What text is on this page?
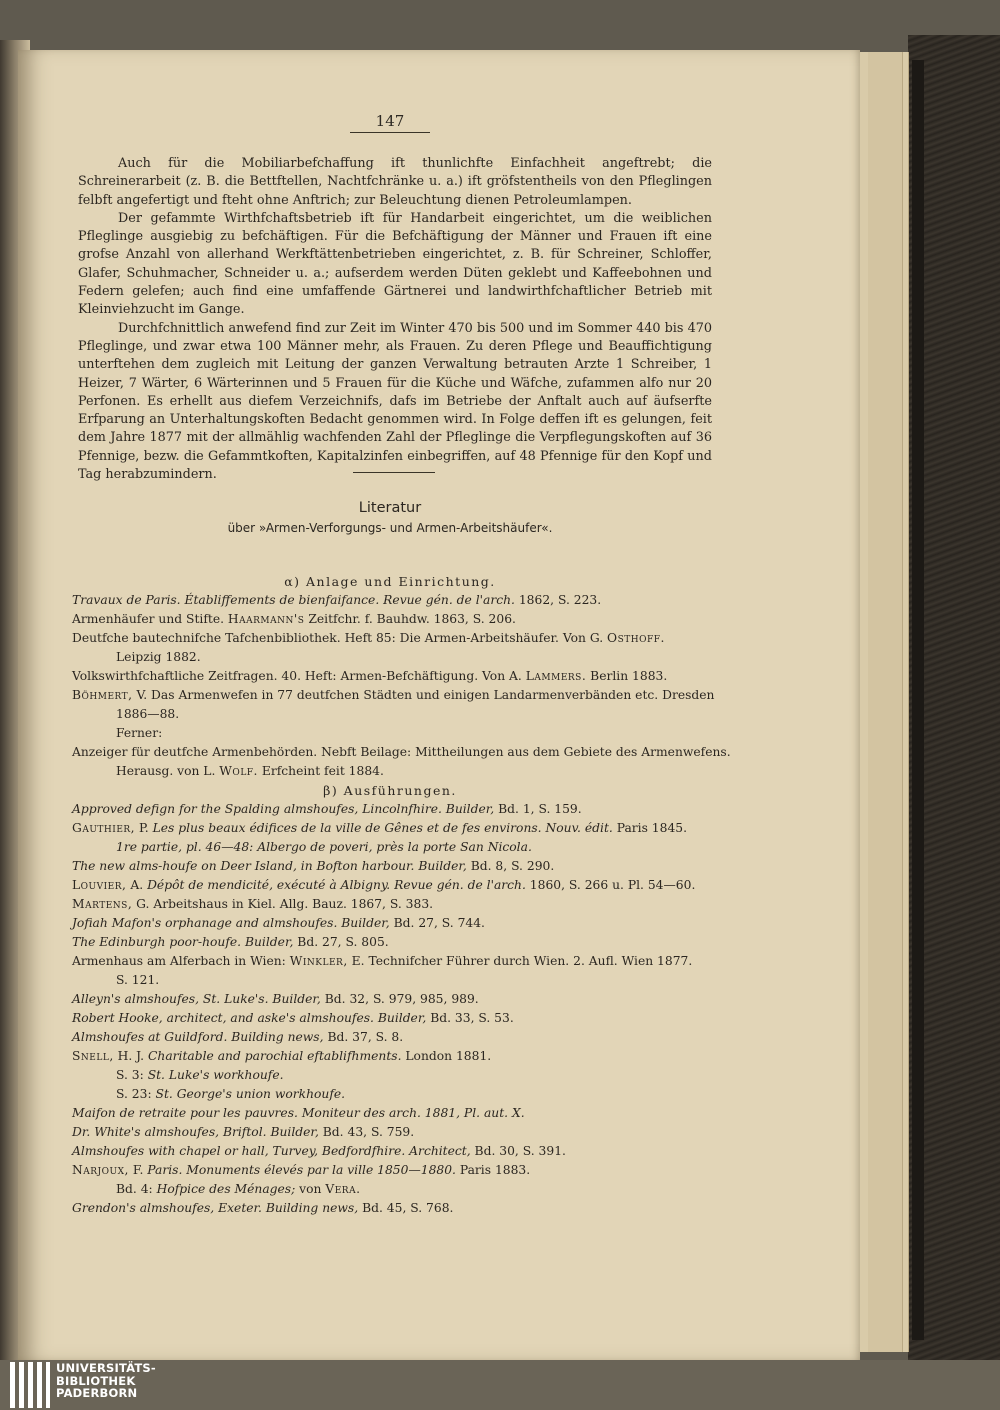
147

Auch für die Mobiliarbefchaffung ift thunlichfte Einfachheit angeftrebt; die Schreinerarbeit (z. B. die Bettftellen, Nachtfchränke u. a.) ift gröfstentheils von den Pfleglingen felbft angefertigt und fteht ohne Anftrich; zur Beleuchtung dienen Petroleumlampen.

Der gefammte Wirthfchaftsbetrieb ift für Handarbeit eingerichtet, um die weiblichen Pfleglinge ausgiebig zu befchäftigen. Für die Befchäftigung der Männer und Frauen ift eine grofse Anzahl von allerhand Werkftättenbetrieben eingerichtet, z. B. für Schreiner, Schloffer, Glafer, Schuhmacher, Schneider u. a.; aufserdem werden Düten geklebt und Kaffeebohnen und Federn gelefen; auch find eine umfaffende Gärtnerei und landwirthfchaftlicher Betrieb mit Kleinviehzucht im Gange.

Durchfchnittlich anwefend find zur Zeit im Winter 470 bis 500 und im Sommer 440 bis 470 Pfleglinge, und zwar etwa 100 Männer mehr, als Frauen. Zu deren Pflege und Beauffichtigung unterftehen dem zugleich mit Leitung der ganzen Verwaltung betrauten Arzte 1 Schreiber, 1 Heizer, 7 Wärter, 6 Wärterinnen und 5 Frauen für die Küche und Wäfche, zufammen alfo nur 20 Perfonen. Es erhellt aus diefem Verzeichnifs, dafs im Betriebe der Anftalt auch auf äufserfte Erfparung an Unterhaltungskoften Bedacht genommen wird. In Folge deffen ift es gelungen, feit dem Jahre 1877 mit der allmählig wachfenden Zahl der Pfleglinge die Verpflegungskoften auf 36 Pfennige, bezw. die Gefammtkoften, Kapitalzinfen einbegriffen, auf 48 Pfennige für den Kopf und Tag herabzumindern.

Literatur
über »Armen-Verforgungs- und Armen-Arbeitshäufer«.
α) Anlage und Einrichtung.
Travaux de Paris. Établiffements de bienfaifance. Revue gén. de l'arch. 1862, S. 223.
Armenhäufer und Stifte. Haarmann's Zeitfchr. f. Bauhdw. 1863, S. 206.
Deutfche bautechnifche Tafchenbibliothek. Heft 85: Die Armen-Arbeitshäufer. Von G. Osthoff.
Leipzig 1882.
Volkswirthfchaftliche Zeitfragen. 40. Heft: Armen-Befchäftigung. Von A. Lammers. Berlin 1883.
Böhmert, V. Das Armenwefen in 77 deutfchen Städten und einigen Landarmenverbänden etc. Dresden
1886—88.
Ferner:
Anzeiger für deutfche Armenbehörden. Nebft Beilage: Mittheilungen aus dem Gebiete des Armenwefens.
Herausg. von L. Wolf. Erfcheint feit 1884.
β) Ausführungen.
Approved defign for the Spalding almshoufes, Lincolnfhire. Builder, Bd. 1, S. 159.
Gauthier, P. Les plus beaux édifices de la ville de Gênes et de fes environs. Nouv. édit. Paris 1845.
1re partie, pl. 46—48: Albergo de poveri, près la porte San Nicola.
The new alms-houfe on Deer Island, in Bofton harbour. Builder, Bd. 8, S. 290.
Louvier, A. Dépôt de mendicité, exécuté à Albigny. Revue gén. de l'arch. 1860, S. 266 u. Pl. 54—60.
Martens, G. Arbeitshaus in Kiel. Allg. Bauz. 1867, S. 383.
Jofiah Mafon's orphanage and almshoufes. Builder, Bd. 27, S. 744.
The Edinburgh poor-houfe. Builder, Bd. 27, S. 805.
Armenhaus am Alferbach in Wien: Winkler, E. Technifcher Führer durch Wien. 2. Aufl. Wien 1877.
S. 121.
Alleyn's almshoufes, St. Luke's. Builder, Bd. 32, S. 979, 985, 989.
Robert Hooke, architect, and aske's almshoufes. Builder, Bd. 33, S. 53.
Almshoufes at Guildford. Building news, Bd. 37, S. 8.
Snell, H. J. Charitable and parochial eftablifhments. London 1881.
S. 3: St. Luke's workhoufe.
S. 23: St. George's union workhoufe.
Maifon de retraite pour les pauvres. Moniteur des arch. 1881, Pl. aut. X.
Dr. White's almshoufes, Briftol. Builder, Bd. 43, S. 759.
Almshoufes with chapel or hall, Turvey, Bedfordfhire. Architect, Bd. 30, S. 391.
Narjoux, F. Paris. Monuments élevés par la ville 1850—1880. Paris 1883.
Bd. 4: Hofpice des Ménages; von Vera.
Grendon's almshoufes, Exeter. Building news, Bd. 45, S. 768.
UNIVERSITÄTS-
BIBLIOTHEK
PADERBORN
